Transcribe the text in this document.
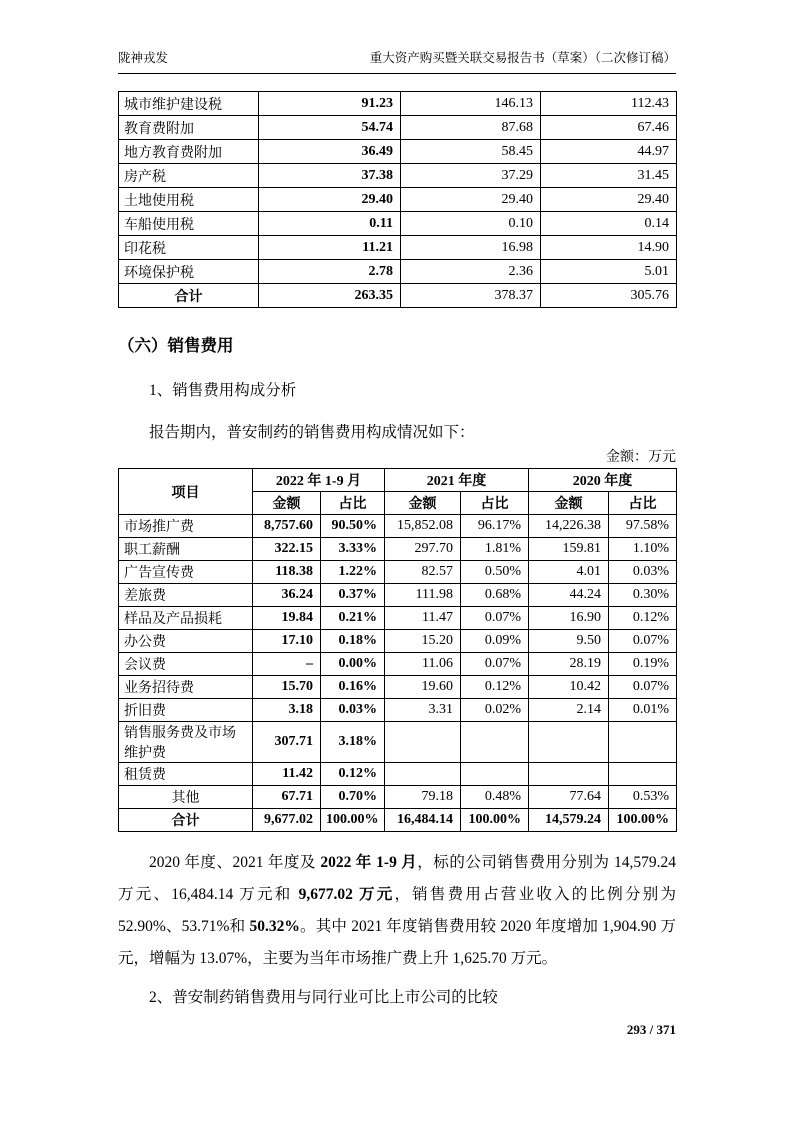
陇神戎发	重大资产购买暨关联交易报告书（草案）（二次修订稿）
城市维护建设税	91.23	146.13	112.43
教育费附加	54.74	87.68	67.46
地方教育费附加	36.49	58.45	44.97
房产税	37.38	37.29	31.45
土地使用税	29.40	29.40	29.40
车船使用税	0.11	0.10	0.14
印花税	11.21	16.98	14.90
环境保护税	2.78	2.36	5.01
合计	263.35	378.37	305.76
（六）销售费用

1、销售费用构成分析

报告期内，普安制药的销售费用构成情况如下：

金额：万元
项目	2022 年 1-9 月		2021 年度		2020 年度	
	金额	占比	金额	占比	金额	占比
市场推广费	8,757.60	90.50%	15,852.08	96.17%	14,226.38	97.58%
职工薪酬	322.15	3.33%	297.70	1.81%	159.81	1.10%
广告宣传费	118.38	1.22%	82.57	0.50%	4.01	0.03%
差旅费	36.24	0.37%	111.98	0.68%	44.24	0.30%
样品及产品损耗	19.84	0.21%	11.47	0.07%	16.90	0.12%
办公费	17.10	0.18%	15.20	0.09%	9.50	0.07%
会议费	–	0.00%	11.06	0.07%	28.19	0.19%
业务招待费	15.70	0.16%	19.60	0.12%	10.42	0.07%
折旧费	3.18	0.03%	3.31	0.02%	2.14	0.01%
销售服务费及市场维护费	307.71	3.18%				
租赁费	11.42	0.12%				
其他	67.71	0.70%	79.18	0.48%	77.64	0.53%
合计	9,677.02	100.00%	16,484.14	100.00%	14,579.24	100.00%

2020 年度、2021 年度及 2022 年 1-9 月，标的公司销售费用分别为 14,579.24 万元、16,484.14 万元和 9,677.02 万元，销售费用占营业收入的比例分别为 52.90%、53.71%和 50.32%。其中 2021 年度销售费用较 2020 年度增加 1,904.90 万元，增幅为 13.07%，主要为当年市场推广费上升 1,625.70 万元。

2、普安制药销售费用与同行业可比上市公司的比较

293 / 371
